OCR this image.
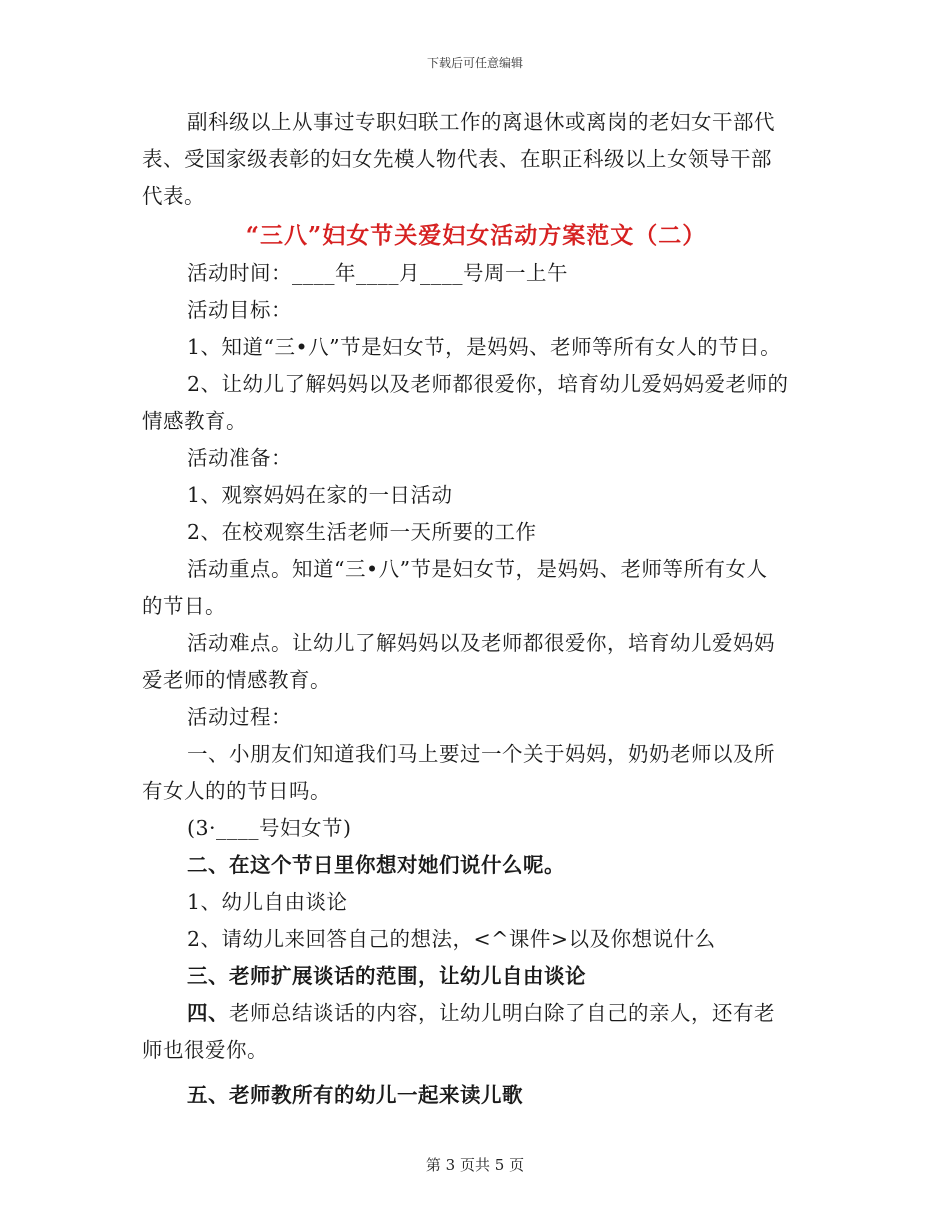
下载后可任意编辑

副科级以上从事过专职妇联工作的离退休或离岗的老妇女干部代

表、受国家级表彰的妇女先模人物代表、在职正科级以上女领导干部

代表。

“三八”妇女节关爱妇女活动方案范文（二）

活动时间：____年____月____号周一上午

活动目标：

1、知道“三•八”节是妇女节，是妈妈、老师等所有女人的节日。

2、让幼儿了解妈妈以及老师都很爱你，培育幼儿爱妈妈爱老师的

情感教育。

活动准备：

1、观察妈妈在家的一日活动

2、在校观察生活老师一天所要的工作

活动重点。知道“三•八”节是妇女节，是妈妈、老师等所有女人

的节日。

活动难点。让幼儿了解妈妈以及老师都很爱你，培育幼儿爱妈妈

爱老师的情感教育。

活动过程：

一、小朋友们知道我们马上要过一个关于妈妈，奶奶老师以及所

有女人的的节日吗。

(3·____号妇女节)

二、在这个节日里你想对她们说什么呢。

1、幼儿自由谈论

2、请幼儿来回答自己的想法，<^课件>以及你想说什么

三、老师扩展谈话的范围，让幼儿自由谈论

四、老师总结谈话的内容，让幼儿明白除了自己的亲人，还有老

师也很爱你。

五、老师教所有的幼儿一起来读儿歌

第 3 页共 5 页
